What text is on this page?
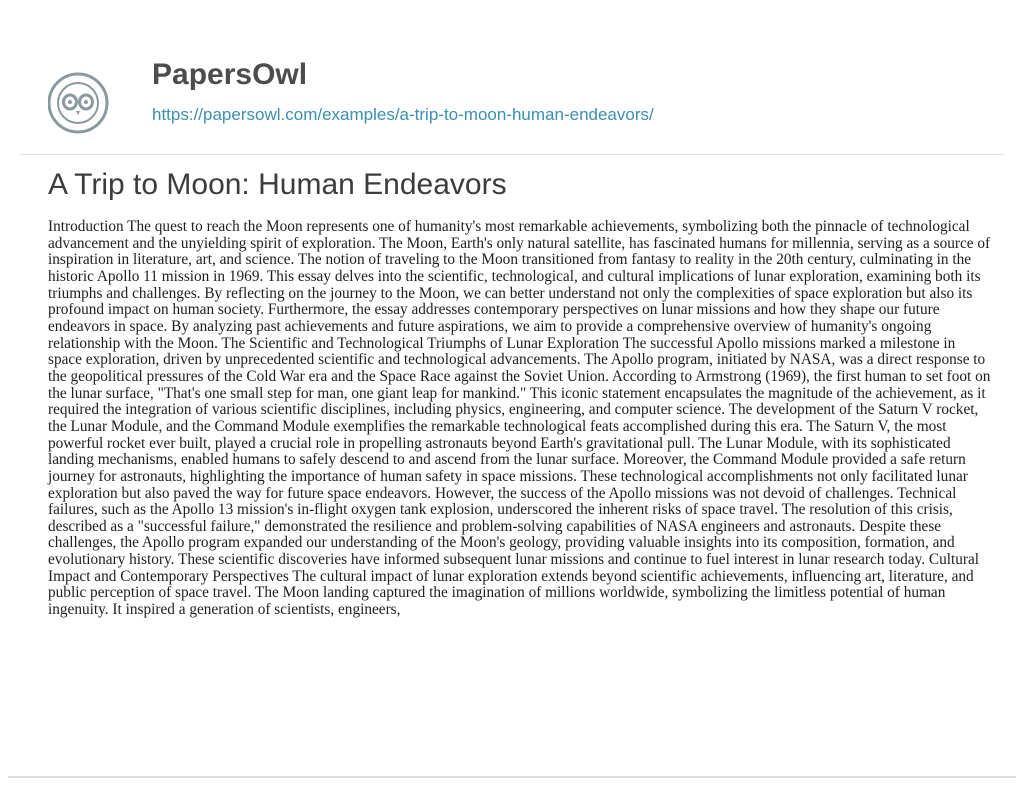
PapersOwl
https://papersowl.com/examples/a-trip-to-moon-human-endeavors/
A Trip to Moon: Human Endeavors

Introduction The quest to reach the Moon represents one of humanity's most remarkable achievements, symbolizing both the pinnacle of technological advancement and the unyielding spirit of exploration. The Moon, Earth's only natural satellite, has fascinated humans for millennia, serving as a source of inspiration in literature, art, and science. The notion of traveling to the Moon transitioned from fantasy to reality in the 20th century, culminating in the historic Apollo 11 mission in 1969. This essay delves into the scientific, technological, and cultural implications of lunar exploration, examining both its triumphs and challenges. By reflecting on the journey to the Moon, we can better understand not only the complexities of space exploration but also its profound impact on human society. Furthermore, the essay addresses contemporary perspectives on lunar missions and how they shape our future endeavors in space. By analyzing past achievements and future aspirations, we aim to provide a comprehensive overview of humanity's ongoing relationship with the Moon. The Scientific and Technological Triumphs of Lunar Exploration The successful Apollo missions marked a milestone in space exploration, driven by unprecedented scientific and technological advancements. The Apollo program, initiated by NASA, was a direct response to the geopolitical pressures of the Cold War era and the Space Race against the Soviet Union. According to Armstrong (1969), the first human to set foot on the lunar surface, "That's one small step for man, one giant leap for mankind." This iconic statement encapsulates the magnitude of the achievement, as it required the integration of various scientific disciplines, including physics, engineering, and computer science. The development of the Saturn V rocket, the Lunar Module, and the Command Module exemplifies the remarkable technological feats accomplished during this era. The Saturn V, the most powerful rocket ever built, played a crucial role in propelling astronauts beyond Earth's gravitational pull. The Lunar Module, with its sophisticated landing mechanisms, enabled humans to safely descend to and ascend from the lunar surface. Moreover, the Command Module provided a safe return journey for astronauts, highlighting the importance of human safety in space missions. These technological accomplishments not only facilitated lunar exploration but also paved the way for future space endeavors. However, the success of the Apollo missions was not devoid of challenges. Technical failures, such as the Apollo 13 mission's in-flight oxygen tank explosion, underscored the inherent risks of space travel. The resolution of this crisis, described as a "successful failure," demonstrated the resilience and problem-solving capabilities of NASA engineers and astronauts. Despite these challenges, the Apollo program expanded our understanding of the Moon's geology, providing valuable insights into its composition, formation, and evolutionary history. These scientific discoveries have informed subsequent lunar missions and continue to fuel interest in lunar research today. Cultural Impact and Contemporary Perspectives The cultural impact of lunar exploration extends beyond scientific achievements, influencing art, literature, and public perception of space travel. The Moon landing captured the imagination of millions worldwide, symbolizing the limitless potential of human ingenuity. It inspired a generation of scientists, engineers,
